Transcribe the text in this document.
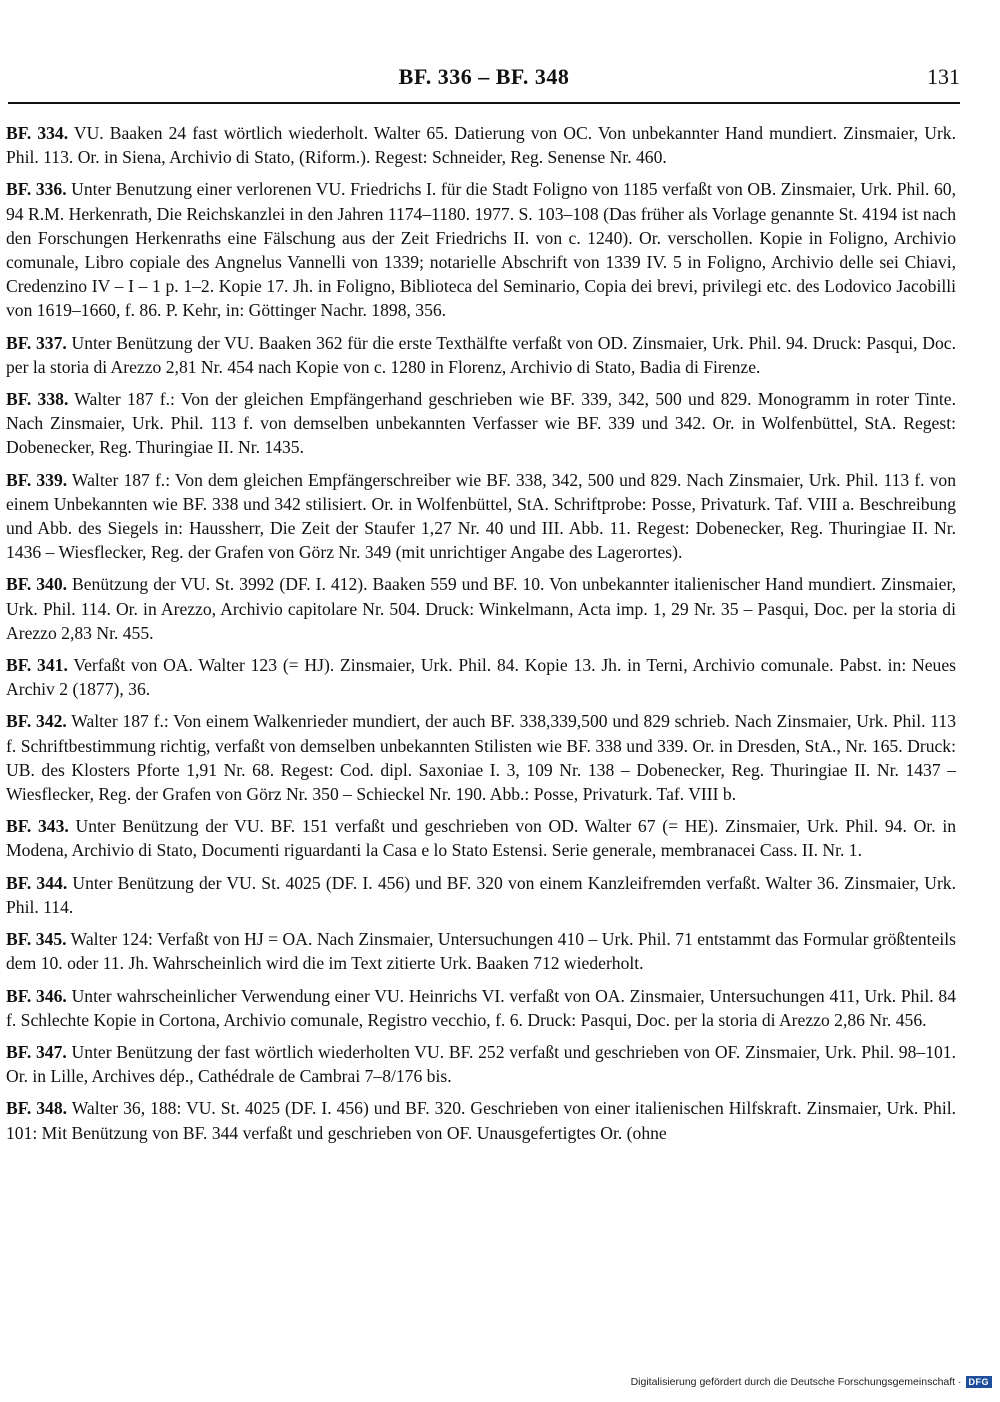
BF. 336 – BF. 348	131

BF. 334. VU. Baaken 24 fast wörtlich wiederholt. Walter 65. Datierung von OC. Von unbekannter Hand mundiert. Zinsmaier, Urk. Phil. 113. Or. in Siena, Archivio di Stato, (Riform.). Regest: Schneider, Reg. Senense Nr. 460.

BF. 336. Unter Benutzung einer verlorenen VU. Friedrichs I. für die Stadt Foligno von 1185 verfaßt von OB. Zinsmaier, Urk. Phil. 60, 94 R.M. Herkenrath, Die Reichskanzlei in den Jahren 1174–1180. 1977. S. 103–108 (Das früher als Vorlage genannte St. 4194 ist nach den Forschungen Herkenraths eine Fälschung aus der Zeit Friedrichs II. von c. 1240). Or. verschollen. Kopie in Foligno, Archivio comunale, Libro copiale des Angnelus Vannelli von 1339; notarielle Abschrift von 1339 IV. 5 in Foligno, Archivio delle sei Chiavi, Credenzino IV – I – 1 p. 1–2. Kopie 17. Jh. in Foligno, Biblioteca del Seminario, Copia dei brevi, privilegi etc. des Lodovico Jacobilli von 1619–1660, f. 86. P. Kehr, in: Göttinger Nachr. 1898, 356.

BF. 337. Unter Benützung der VU. Baaken 362 für die erste Texthälfte verfaßt von OD. Zinsmaier, Urk. Phil. 94. Druck: Pasqui, Doc. per la storia di Arezzo 2,81 Nr. 454 nach Kopie von c. 1280 in Florenz, Archivio di Stato, Badia di Firenze.

BF. 338. Walter 187 f.: Von der gleichen Empfängerhand geschrieben wie BF. 339, 342, 500 und 829. Monogramm in roter Tinte. Nach Zinsmaier, Urk. Phil. 113 f. von demselben unbekannten Verfasser wie BF. 339 und 342. Or. in Wolfenbüttel, StA. Regest: Dobenecker, Reg. Thuringiae II. Nr. 1435.

BF. 339. Walter 187 f.: Von dem gleichen Empfängerschreiber wie BF. 338, 342, 500 und 829. Nach Zinsmaier, Urk. Phil. 113 f. von einem Unbekannten wie BF. 338 und 342 stilisiert. Or. in Wolfenbüttel, StA. Schriftprobe: Posse, Privaturk. Taf. VIII a. Beschreibung und Abb. des Siegels in: Haussherr, Die Zeit der Staufer 1,27 Nr. 40 und III. Abb. 11. Regest: Dobenecker, Reg. Thuringiae II. Nr. 1436 – Wiesflecker, Reg. der Grafen von Görz Nr. 349 (mit unrichtiger Angabe des Lagerortes).

BF. 340. Benützung der VU. St. 3992 (DF. I. 412). Baaken 559 und BF. 10. Von unbekannter italienischer Hand mundiert. Zinsmaier, Urk. Phil. 114. Or. in Arezzo, Archivio capitolare Nr. 504. Druck: Winkelmann, Acta imp. 1, 29 Nr. 35 – Pasqui, Doc. per la storia di Arezzo 2,83 Nr. 455.

BF. 341. Verfaßt von OA. Walter 123 (= HJ). Zinsmaier, Urk. Phil. 84. Kopie 13. Jh. in Terni, Archivio comunale. Pabst. in: Neues Archiv 2 (1877), 36.

BF. 342. Walter 187 f.: Von einem Walkenrieder mundiert, der auch BF. 338,339,500 und 829 schrieb. Nach Zinsmaier, Urk. Phil. 113 f. Schriftbestimmung richtig, verfaßt von demselben unbekannten Stilisten wie BF. 338 und 339. Or. in Dresden, StA., Nr. 165. Druck: UB. des Klosters Pforte 1,91 Nr. 68. Regest: Cod. dipl. Saxoniae I. 3, 109 Nr. 138 – Dobenecker, Reg. Thuringiae II. Nr. 1437 – Wiesflecker, Reg. der Grafen von Görz Nr. 350 – Schieckel Nr. 190. Abb.: Posse, Privaturk. Taf. VIII b.

BF. 343. Unter Benützung der VU. BF. 151 verfaßt und geschrieben von OD. Walter 67 (= HE). Zinsmaier, Urk. Phil. 94. Or. in Modena, Archivio di Stato, Documenti riguardanti la Casa e lo Stato Estensi. Serie generale, membranacei Cass. II. Nr. 1.

BF. 344. Unter Benützung der VU. St. 4025 (DF. I. 456) und BF. 320 von einem Kanzleifremden verfaßt. Walter 36. Zinsmaier, Urk. Phil. 114.

BF. 345. Walter 124: Verfaßt von HJ = OA. Nach Zinsmaier, Untersuchungen 410 – Urk. Phil. 71 entstammt das Formular größtenteils dem 10. oder 11. Jh. Wahrscheinlich wird die im Text zitierte Urk. Baaken 712 wiederholt.

BF. 346. Unter wahrscheinlicher Verwendung einer VU. Heinrichs VI. verfaßt von OA. Zinsmaier, Untersuchungen 411, Urk. Phil. 84 f. Schlechte Kopie in Cortona, Archivio comunale, Registro vecchio, f. 6. Druck: Pasqui, Doc. per la storia di Arezzo 2,86 Nr. 456.

BF. 347. Unter Benützung der fast wörtlich wiederholten VU. BF. 252 verfaßt und geschrieben von OF. Zinsmaier, Urk. Phil. 98–101. Or. in Lille, Archives dép., Cathédrale de Cambrai 7–8/176 bis.

BF. 348. Walter 36, 188: VU. St. 4025 (DF. I. 456) und BF. 320. Geschrieben von einer italienischen Hilfskraft. Zinsmaier, Urk. Phil. 101: Mit Benützung von BF. 344 verfaßt und geschrieben von OF. Unausgefertigtes Or. (ohne

Digitalisierung gefördert durch die Deutsche Forschungsgemeinschaft · DFG
